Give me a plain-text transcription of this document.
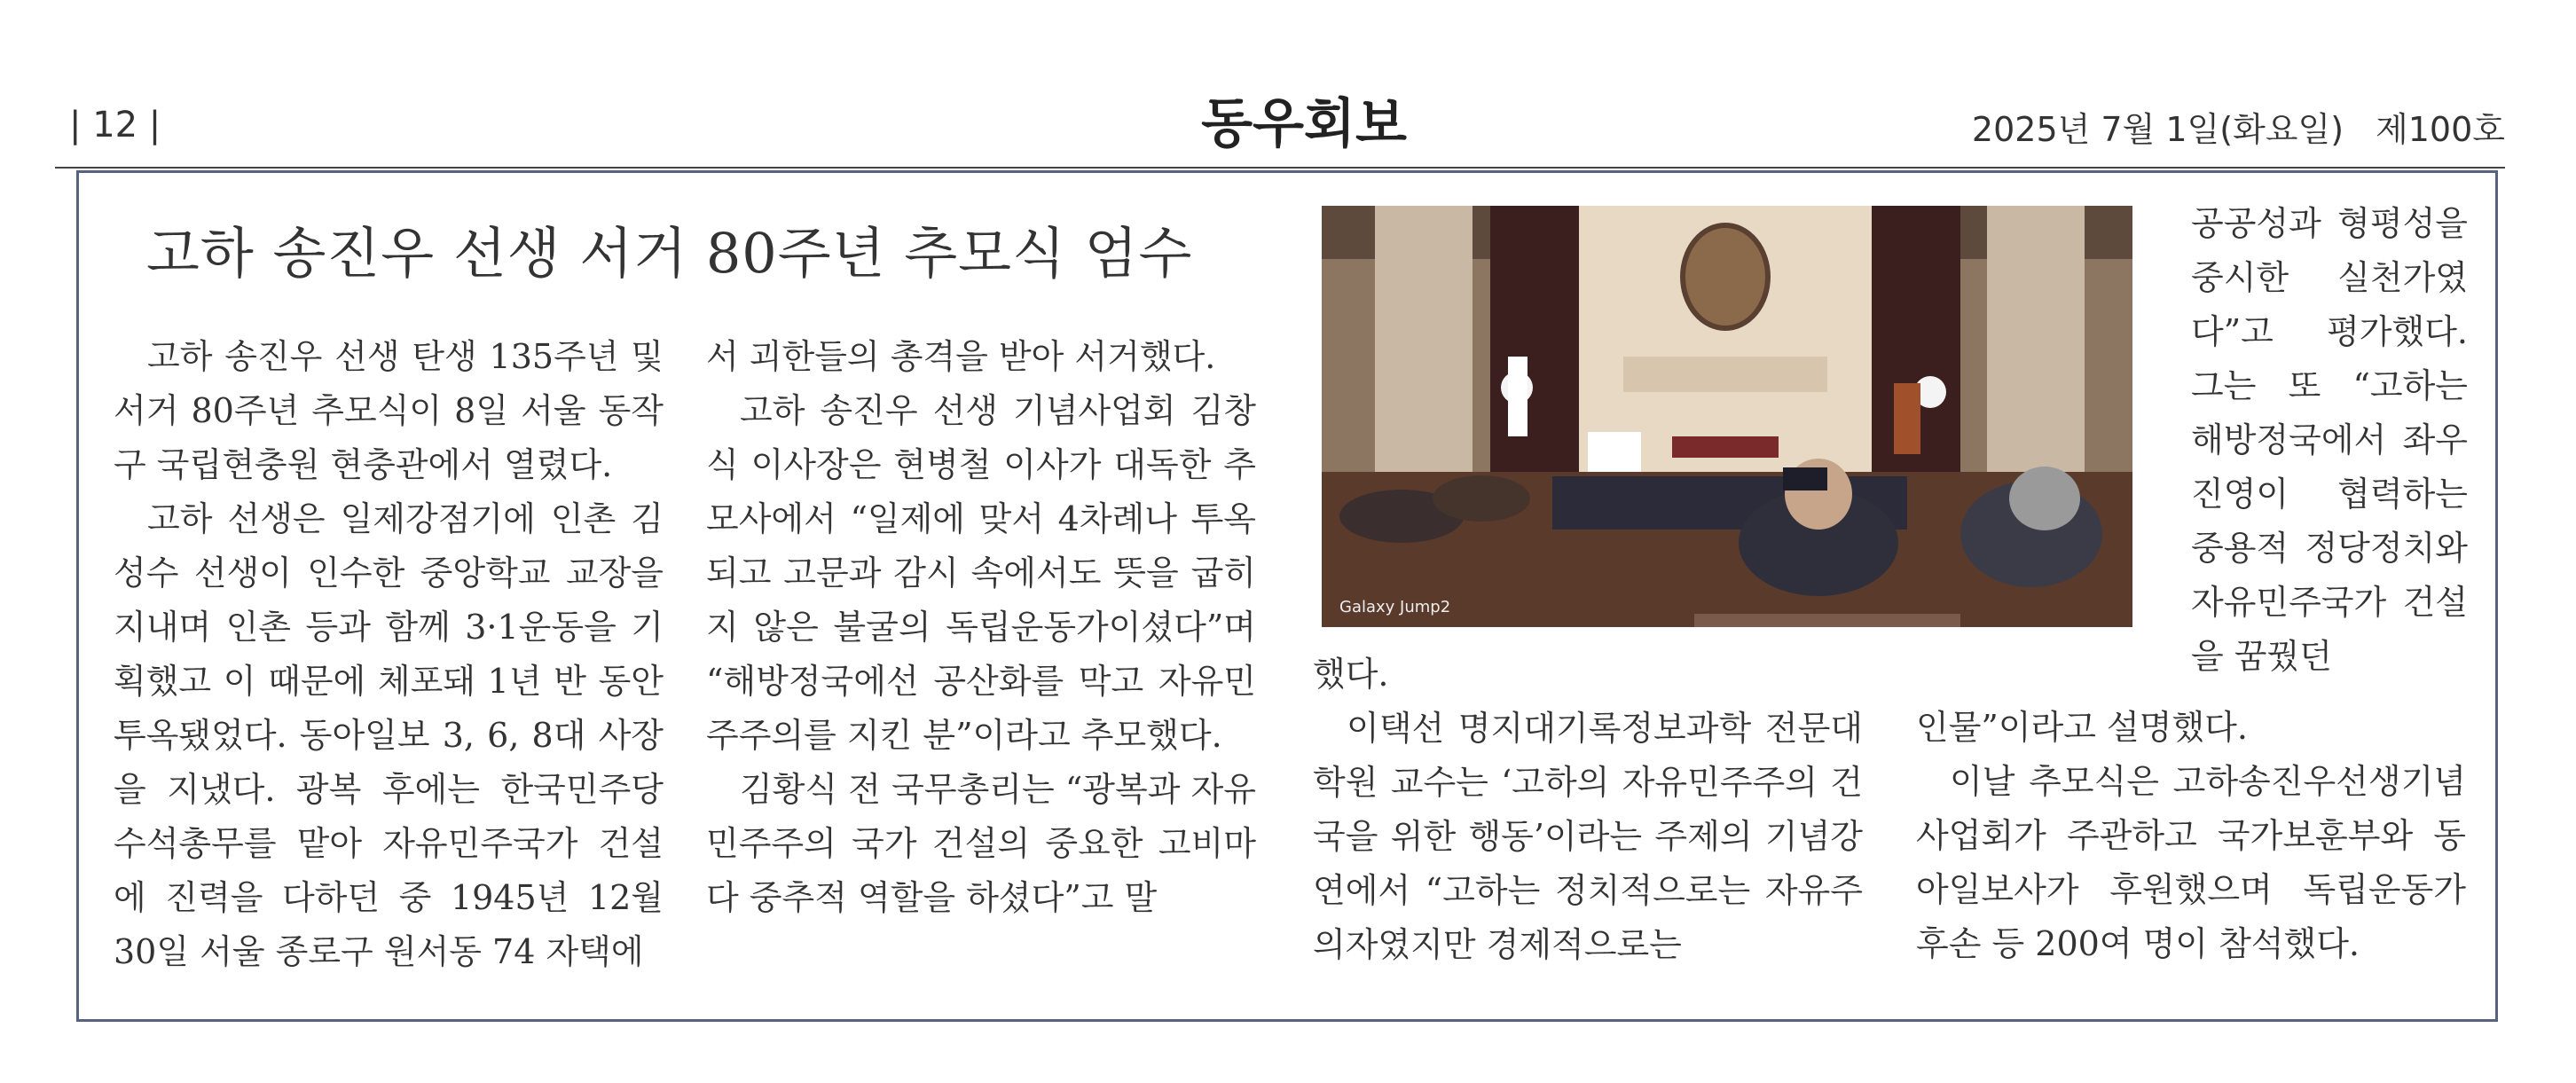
| 12 |	동우회보	2025년 7월 1일(화요일) 제100호
고하 송진우 선생 서거 80주년 추모식 엄수

고하 송진우 선생 탄생 135주년 및 서거 80주년 추모식이 8일 서울 동작구 국립현충원 현충관에서 열렸다.

고하 선생은 일제강점기에 인촌 김성수 선생이 인수한 중앙학교 교장을 지내며 인촌 등과 함께 3·1운동을 기획했고 이 때문에 체포돼 1년 반 동안 투옥됐었다. 동아일보 3, 6, 8대 사장을 지냈다. 광복 후에는 한국민주당 수석총무를 맡아 자유민주국가 건설에 진력을 다하던 중 1945년 12월 30일 서울 종로구 원서동 74 자택에

서 괴한들의 총격을 받아 서거했다.

고하 송진우 선생 기념사업회 김창식 이사장은 현병철 이사가 대독한 추모사에서 “일제에 맞서 4차례나 투옥되고 고문과 감시 속에서도 뜻을 굽히지 않은 불굴의 독립운동가이셨다”며 “해방정국에선 공산화를 막고 자유민주주의를 지킨 분”이라고 추모했다.

김황식 전 국무총리는 “광복과 자유민주주의 국가 건설의 중요한 고비마다 중추적 역할을 하셨다”고 말

Galaxy Jump2

했다.

이택선 명지대기록정보과학 전문대학원 교수는 ‘고하의 자유민주주의 건국을 위한 행동’이라는 주제의 기념강연에서 “고하는 정치적으로는 자유주의자였지만 경제적으로는

공공성과 형평성을 중시한 실천가였다”고 평가했다. 그는 또 “고하는 해방정국에서 좌우진영이 협력하는 중용적 정당정치와 자유민주국가 건설을 꿈꿨던

인물”이라고 설명했다.

이날 추모식은 고하송진우선생기념사업회가 주관하고 국가보훈부와 동아일보사가 후원했으며 독립운동가 후손 등 200여 명이 참석했다.
